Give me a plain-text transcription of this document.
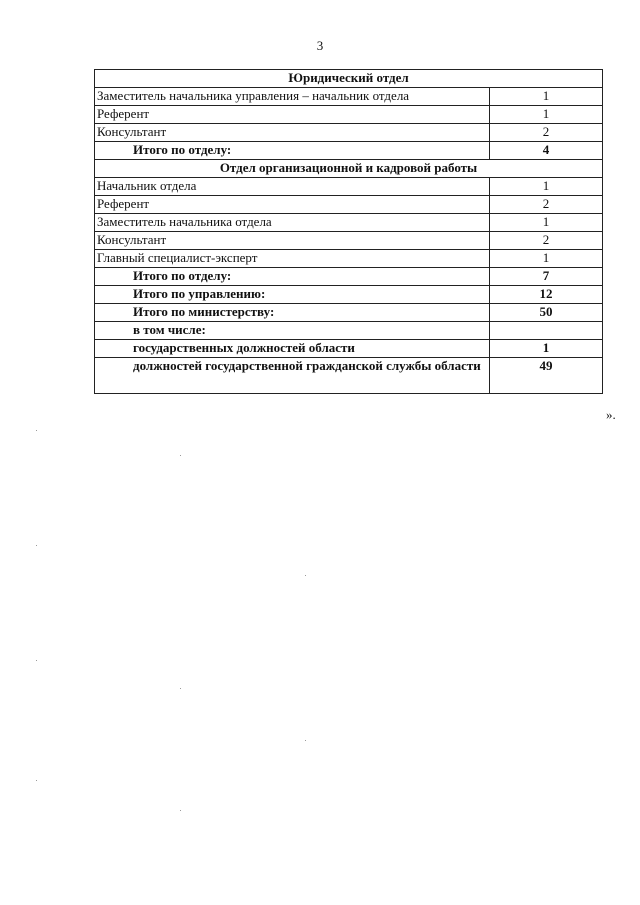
3
Юридический отдел	
Заместитель начальника управления – начальник отдела	1
Референт	1
Консультант	2
Итого по отделу:	4
Отдел организационной и кадровой работы	
Начальник отдела	1
Референт	2
Заместитель начальника отдела	1
Консультант	2
Главный специалист-эксперт	1
Итого по отделу:	7
Итого по управлению:	12
Итого по министерству:	50
в том числе:	
государственных должностей области	1
должностей государственной гражданской службы области	49
».
